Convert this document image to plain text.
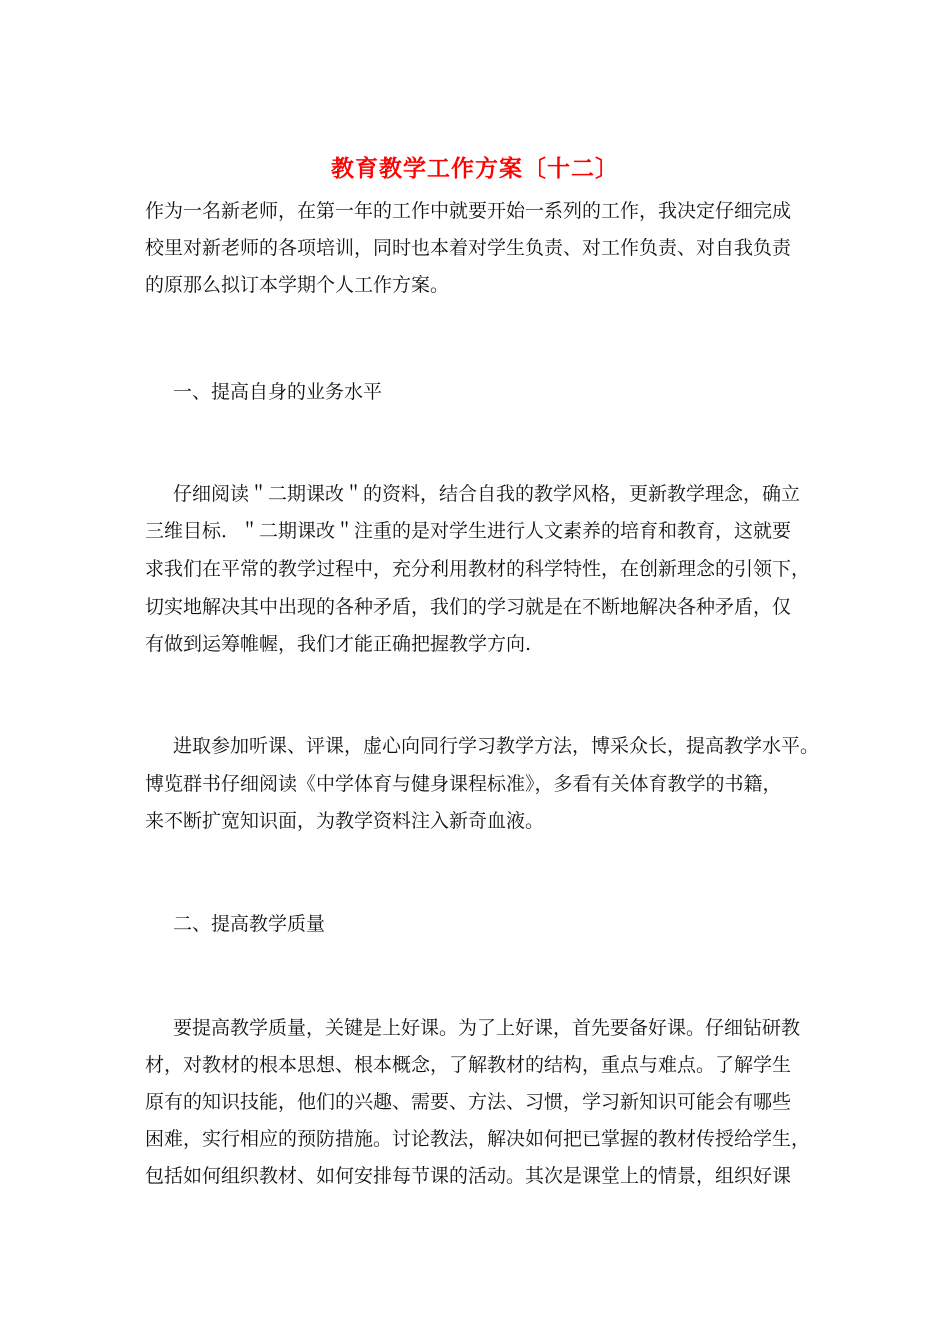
教育教学工作方案〔十二〕
作为一名新老师，在第一年的工作中就要开始一系列的工作，我决定仔细完成
校里对新老师的各项培训，同时也本着对学生负责、对工作负责、对自我负责
的原那么拟订本学期个人工作方案。
一、提高自身的业务水平
仔细阅读＂二期课改＂的资料，结合自我的教学风格，更新教学理念，确立
三维目标．＂二期课改＂注重的是对学生进行人文素养的培育和教育，这就要
求我们在平常的教学过程中，充分利用教材的科学特性，在创新理念的引领下，
切实地解决其中出现的各种矛盾，我们的学习就是在不断地解决各种矛盾，仅
有做到运筹帷幄，我们才能正确把握教学方向.
进取参加听课、评课，虚心向同行学习教学方法，博采众长，提高教学水平。
博览群书仔细阅读《中学体育与健身课程标准》，多看有关体育教学的书籍，
来不断扩宽知识面，为教学资料注入新奇血液。
二、提高教学质量
要提高教学质量，关键是上好课。为了上好课，首先要备好课。仔细钻研教
材，对教材的根本思想、根本概念，了解教材的结构，重点与难点。了解学生
原有的知识技能，他们的兴趣、需要、方法、习惯，学习新知识可能会有哪些
困难，实行相应的预防措施。讨论教法，解决如何把已掌握的教材传授给学生，
包括如何组织教材、如何安排每节课的活动。其次是课堂上的情景，组织好课
